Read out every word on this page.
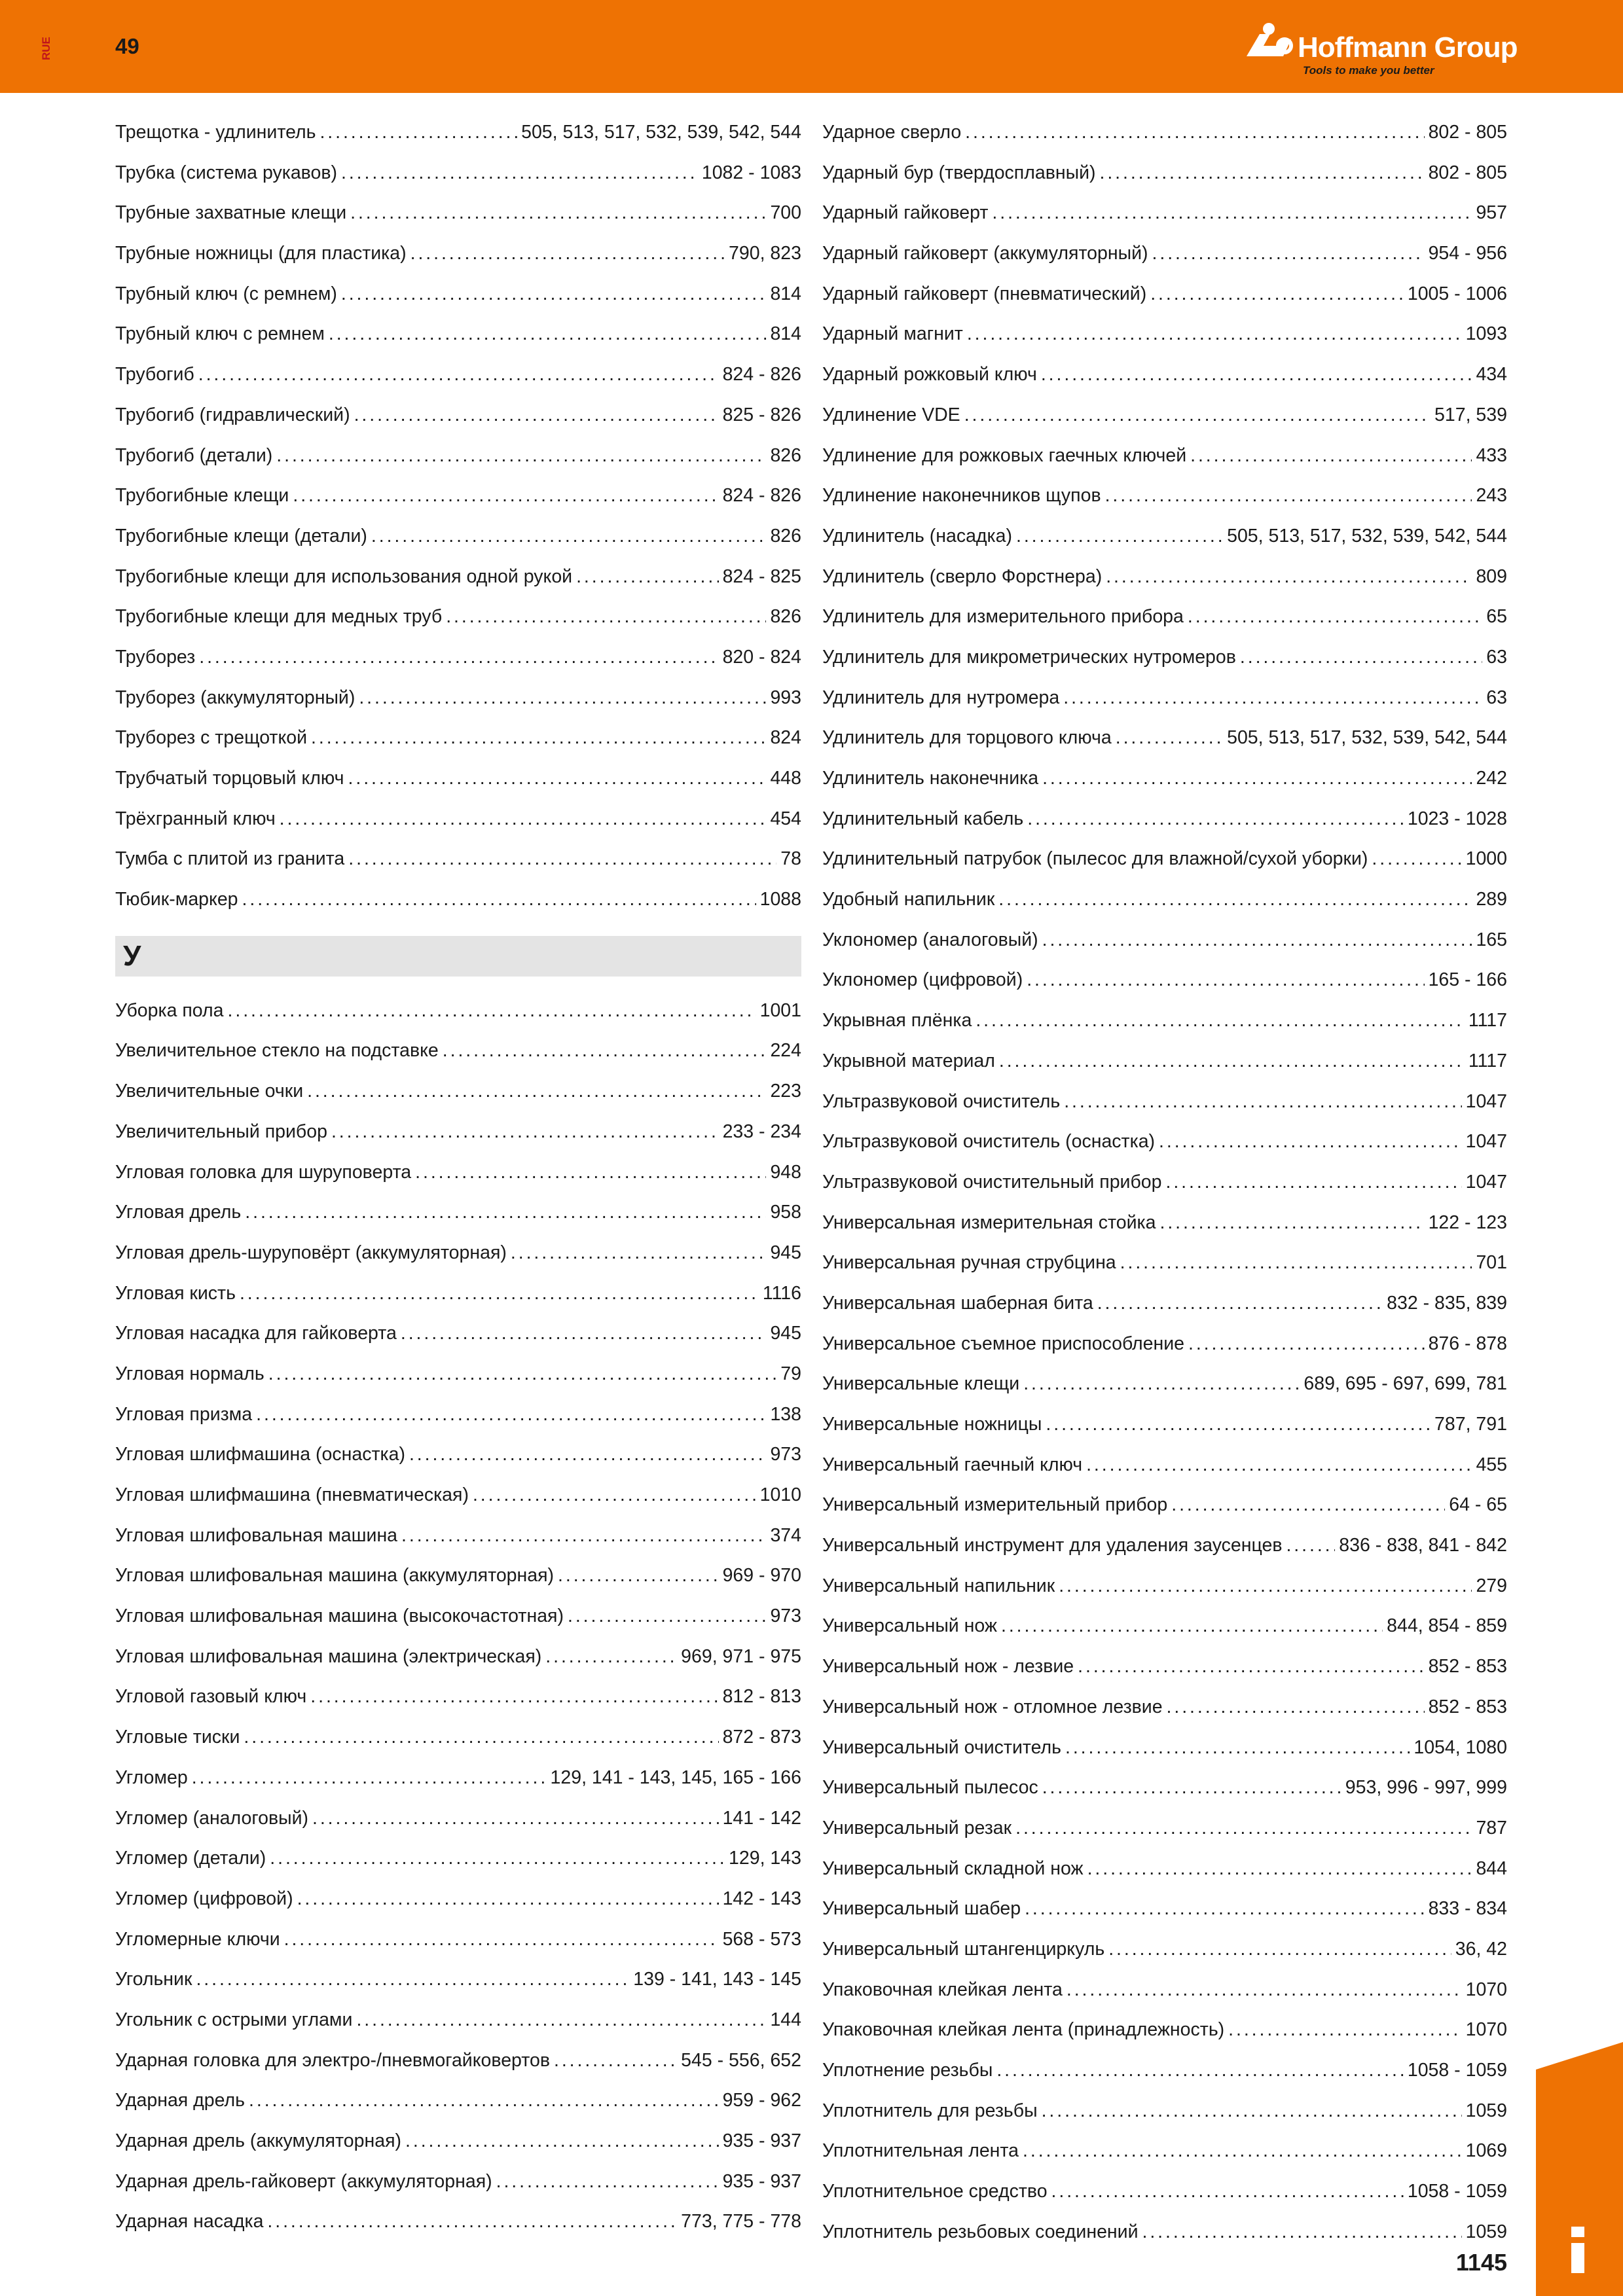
RUE	49	Hoffmann Group
Tools to make you better
Трещотка - удлинитель . . .	505, 513, 517, 532, 539, 542, 544
Трубка (система рукавов) . . .	1082 - 1083
Трубные захватные клещи . . .	700
Трубные ножницы (для пластика) . . .	790, 823
Трубный ключ (с ремнем) . . .	814
Трубный ключ с ремнем . . .	814
Трубогиб . . .	824 - 826
Трубогиб (гидравлический) . . .	825 - 826
Трубогиб (детали) . . .	826
Трубогибные клещи . . .	824 - 826
Трубогибные клещи (детали) . . .	826
Трубогибные клещи для использования одной рукой . . .	824 - 825
Трубогибные клещи для медных труб . . .	826
Труборез . . .	820 - 824
Труборез (аккумуляторный) . . .	993
Труборез с трещоткой . . .	824
Трубчатый торцовый ключ . . .	448
Трёхгранный ключ . . .	454
Тумба с плитой из гранита . . .	78
Тюбик-маркер . . .	1088
У
Уборка пола . . .	1001
Увеличительное стекло на подставке . . .	224
Увеличительные очки . . .	223
Увеличительный прибор . . .	233 - 234
Угловая головка для шуруповерта . . .	948
Угловая дрель . . .	958
Угловая дрель-шуруповёрт (аккумуляторная) . . .	945
Угловая кисть . . .	1116
Угловая насадка для гайковерта . . .	945
Угловая нормаль . . .	79
Угловая призма . . .	138
Угловая шлифмашина (оснастка) . . .	973
Угловая шлифмашина (пневматическая) . . .	1010
Угловая шлифовальная машина . . .	374
Угловая шлифовальная машина (аккумуляторная) . . .	969 - 970
Угловая шлифовальная машина (высокочастотная) . . .	973
Угловая шлифовальная машина (электрическая) . . .	969, 971 - 975
Угловой газовый ключ . . .	812 - 813
Угловые тиски . . .	872 - 873
Угломер . . .	129, 141 - 143, 145, 165 - 166
Угломер (аналоговый) . . .	141 - 142
Угломер (детали) . . .	129, 143
Угломер (цифровой) . . .	142 - 143
Угломерные ключи . . .	568 - 573
Угольник . . .	139 - 141, 143 - 145
Угольник с острыми углами . . .	144
Ударная головка для электро-/пневмогайковертов . . .	545 - 556, 652
Ударная дрель . . .	959 - 962
Ударная дрель (аккумуляторная) . . .	935 - 937
Ударная дрель-гайковерт (аккумуляторная) . . .	935 - 937
Ударная насадка . . .	773, 775 - 778
Ударное сверло . . .	802 - 805
Ударный бур (твердосплавный) . . .	802 - 805
Ударный гайковерт . . .	957
Ударный гайковерт (аккумуляторный) . . .	954 - 956
Ударный гайковерт (пневматический) . . .	1005 - 1006
Ударный магнит . . .	1093
Ударный рожковый ключ . . .	434
Удлинение VDE . . .	517, 539
Удлинение для рожковых гаечных ключей . . .	433
Удлинение наконечников щупов . . .	243
Удлинитель (насадка) . . .	505, 513, 517, 532, 539, 542, 544
Удлинитель (сверло Форстнера) . . .	809
Удлинитель для измерительного прибора . . .	65
Удлинитель для микрометрических нутромеров . . .	63
Удлинитель для нутромера . . .	63
Удлинитель для торцового ключа . . .	505, 513, 517, 532, 539, 542, 544
Удлинитель наконечника . . .	242
Удлинительный кабель . . .	1023 - 1028
Удлинительный патрубок (пылесос для влажной/сухой уборки) . . .	1000
Удобный напильник . . .	289
Уклономер (аналоговый) . . .	165
Уклономер (цифровой) . . .	165 - 166
Укрывная плёнка . . .	1117
Укрывной материал . . .	1117
Ультразвуковой очиститель . . .	1047
Ультразвуковой очиститель (оснастка) . . .	1047
Ультразвуковой очистительный прибор . . .	1047
Универсальная измерительная стойка . . .	122 - 123
Универсальная ручная струбцина . . .	701
Универсальная шаберная бита . . .	832 - 835, 839
Универсальное съемное приспособление . . .	876 - 878
Универсальные клещи . . .	689, 695 - 697, 699, 781
Универсальные ножницы . . .	787, 791
Универсальный гаечный ключ . . .	455
Универсальный измерительный прибор . . .	64 - 65
Универсальный инструмент для удаления заусенцев . . .	836 - 838, 841 - 842
Универсальный напильник . . .	279
Универсальный нож . . .	844, 854 - 859
Универсальный нож - лезвие . . .	852 - 853
Универсальный нож - отломное лезвие . . .	852 - 853
Универсальный очиститель . . .	1054, 1080
Универсальный пылесос . . .	953, 996 - 997, 999
Универсальный резак . . .	787
Универсальный складной нож . . .	844
Универсальный шабер . . .	833 - 834
Универсальный штангенциркуль . . .	36, 42
Упаковочная клейкая лента . . .	1070
Упаковочная клейкая лента (принадлежность) . . .	1070
Уплотнение резьбы . . .	1058 - 1059
Уплотнитель для резьбы . . .	1059
Уплотнительная лента . . .	1069
Уплотнительное средство . . .	1058 - 1059
Уплотнитель резьбовых соединений . . .	1059
1145
